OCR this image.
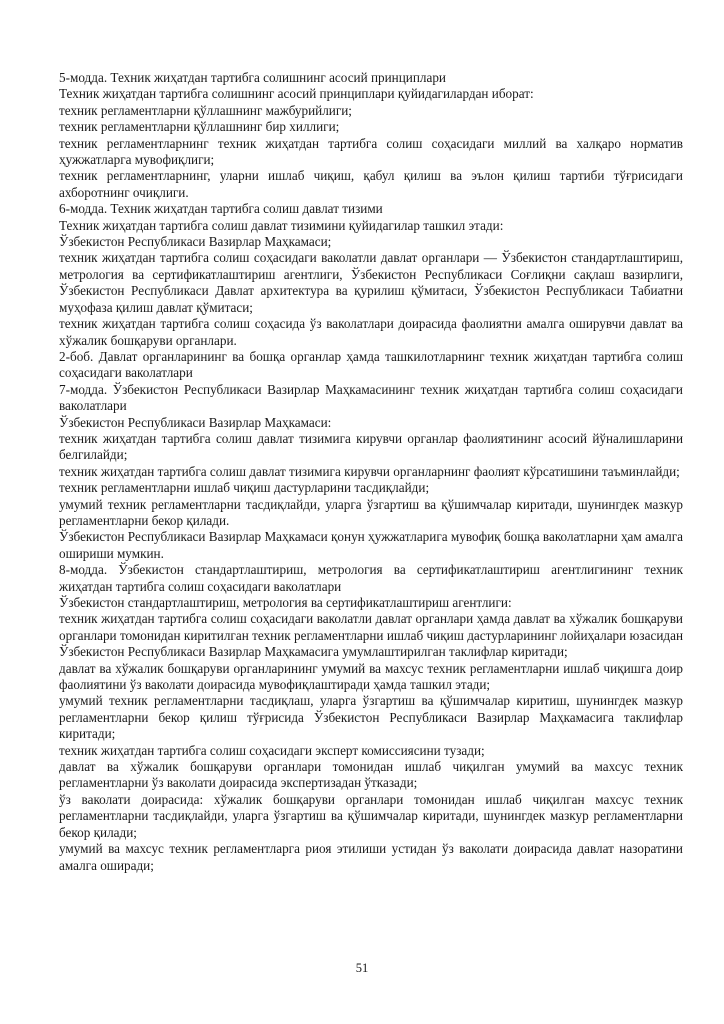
5-модда. Техник жиҳатдан тартибга солишнинг асосий принциплари

Техник жиҳатдан тартибга солишнинг асосий принциплари қуйидагилардан иборат:

техник регламентларни қўллашнинг мажбурийлиги;

техник регламентларни қўллашнинг бир хиллиги;

техник регламентларнинг техник жиҳатдан тартибга солиш соҳасидаги миллий ва халқаро норматив ҳужжатларга мувофиқлиги;

техник регламентларнинг, уларни ишлаб чиқиш, қабул қилиш ва эълон қилиш тартиби тўғрисидаги ахборотнинг очиқлиги.

6-модда. Техник жиҳатдан тартибга солиш давлат тизими

Техник жиҳатдан тартибга солиш давлат тизимини қуйидагилар ташкил этади:

Ўзбекистон Республикаси Вазирлар Маҳкамаси;

техник жиҳатдан тартибга солиш соҳасидаги ваколатли давлат органлари — Ўзбекистон стандартлаштириш, метрология ва сертификатлаштириш агентлиги, Ўзбекистон Республикаси Соғлиқни сақлаш вазирлиги, Ўзбекистон Республикаси Давлат архитектура ва қурилиш қўмитаси, Ўзбекистон Республикаси Табиатни муҳофаза қилиш давлат қўмитаси;

техник жиҳатдан тартибга солиш соҳасида ўз ваколатлари доирасида фаолиятни амалга оширувчи давлат ва хўжалик бошқаруви органлари.

2-боб. Давлат органларининг ва бошқа органлар ҳамда ташкилотларнинг техник жиҳатдан тартибга солиш соҳасидаги ваколатлари

7-модда. Ўзбекистон Республикаси Вазирлар Маҳкамасининг техник жиҳатдан тартибга солиш соҳасидаги ваколатлари

Ўзбекистон Республикаси Вазирлар Маҳкамаси:

техник жиҳатдан тартибга солиш давлат тизимига кирувчи органлар фаолиятининг асосий йўналишларини белгилайди;

техник жиҳатдан тартибга солиш давлат тизимига кирувчи органларнинг фаолият кўрсатишини таъминлайди;

техник регламентларни ишлаб чиқиш дастурларини тасдиқлайди;

умумий техник регламентларни тасдиқлайди, уларга ўзгартиш ва қўшимчалар киритади, шунингдек мазкур регламентларни бекор қилади.

Ўзбекистон Республикаси Вазирлар Маҳкамаси қонун ҳужжатларига мувофиқ бошқа ваколатларни ҳам амалга ошириши мумкин.

8-модда. Ўзбекистон стандартлаштириш, метрология ва сертификатлаштириш агентлигининг техник жиҳатдан тартибга солиш соҳасидаги ваколатлари

Ўзбекистон стандартлаштириш, метрология ва сертификатлаштириш агентлиги:

техник жиҳатдан тартибга солиш соҳасидаги ваколатли давлат органлари ҳамда давлат ва хўжалик бошқаруви органлари томонидан киритилган техник регламентларни ишлаб чиқиш дастурларининг лойиҳалари юзасидан Ўзбекистон Республикаси Вазирлар Маҳкамасига умумлаштирилган таклифлар киритади;

давлат ва хўжалик бошқаруви органларининг умумий ва махсус техник регламентларни ишлаб чиқишга доир фаолиятини ўз ваколати доирасида мувофиқлаштиради ҳамда ташкил этади;

умумий техник регламентларни тасдиқлаш, уларга ўзгартиш ва қўшимчалар киритиш, шунингдек мазкур регламентларни бекор қилиш тўғрисида Ўзбекистон Республикаси Вазирлар Маҳкамасига таклифлар киритади;

техник жиҳатдан тартибга солиш соҳасидаги эксперт комиссиясини тузади;

давлат ва хўжалик бошқаруви органлари томонидан ишлаб чиқилган умумий ва махсус техник регламентларни ўз ваколати доирасида экспертизадан ўтказади;

ўз ваколати доирасида: хўжалик бошқаруви органлари томонидан ишлаб чиқилган махсус техник регламентларни тасдиқлайди, уларга ўзгартиш ва қўшимчалар киритади, шунингдек мазкур регламентларни бекор қилади;

умумий ва махсус техник регламентларга риоя этилиши устидан ўз ваколати доирасида давлат назоратини амалга оширади;

51
